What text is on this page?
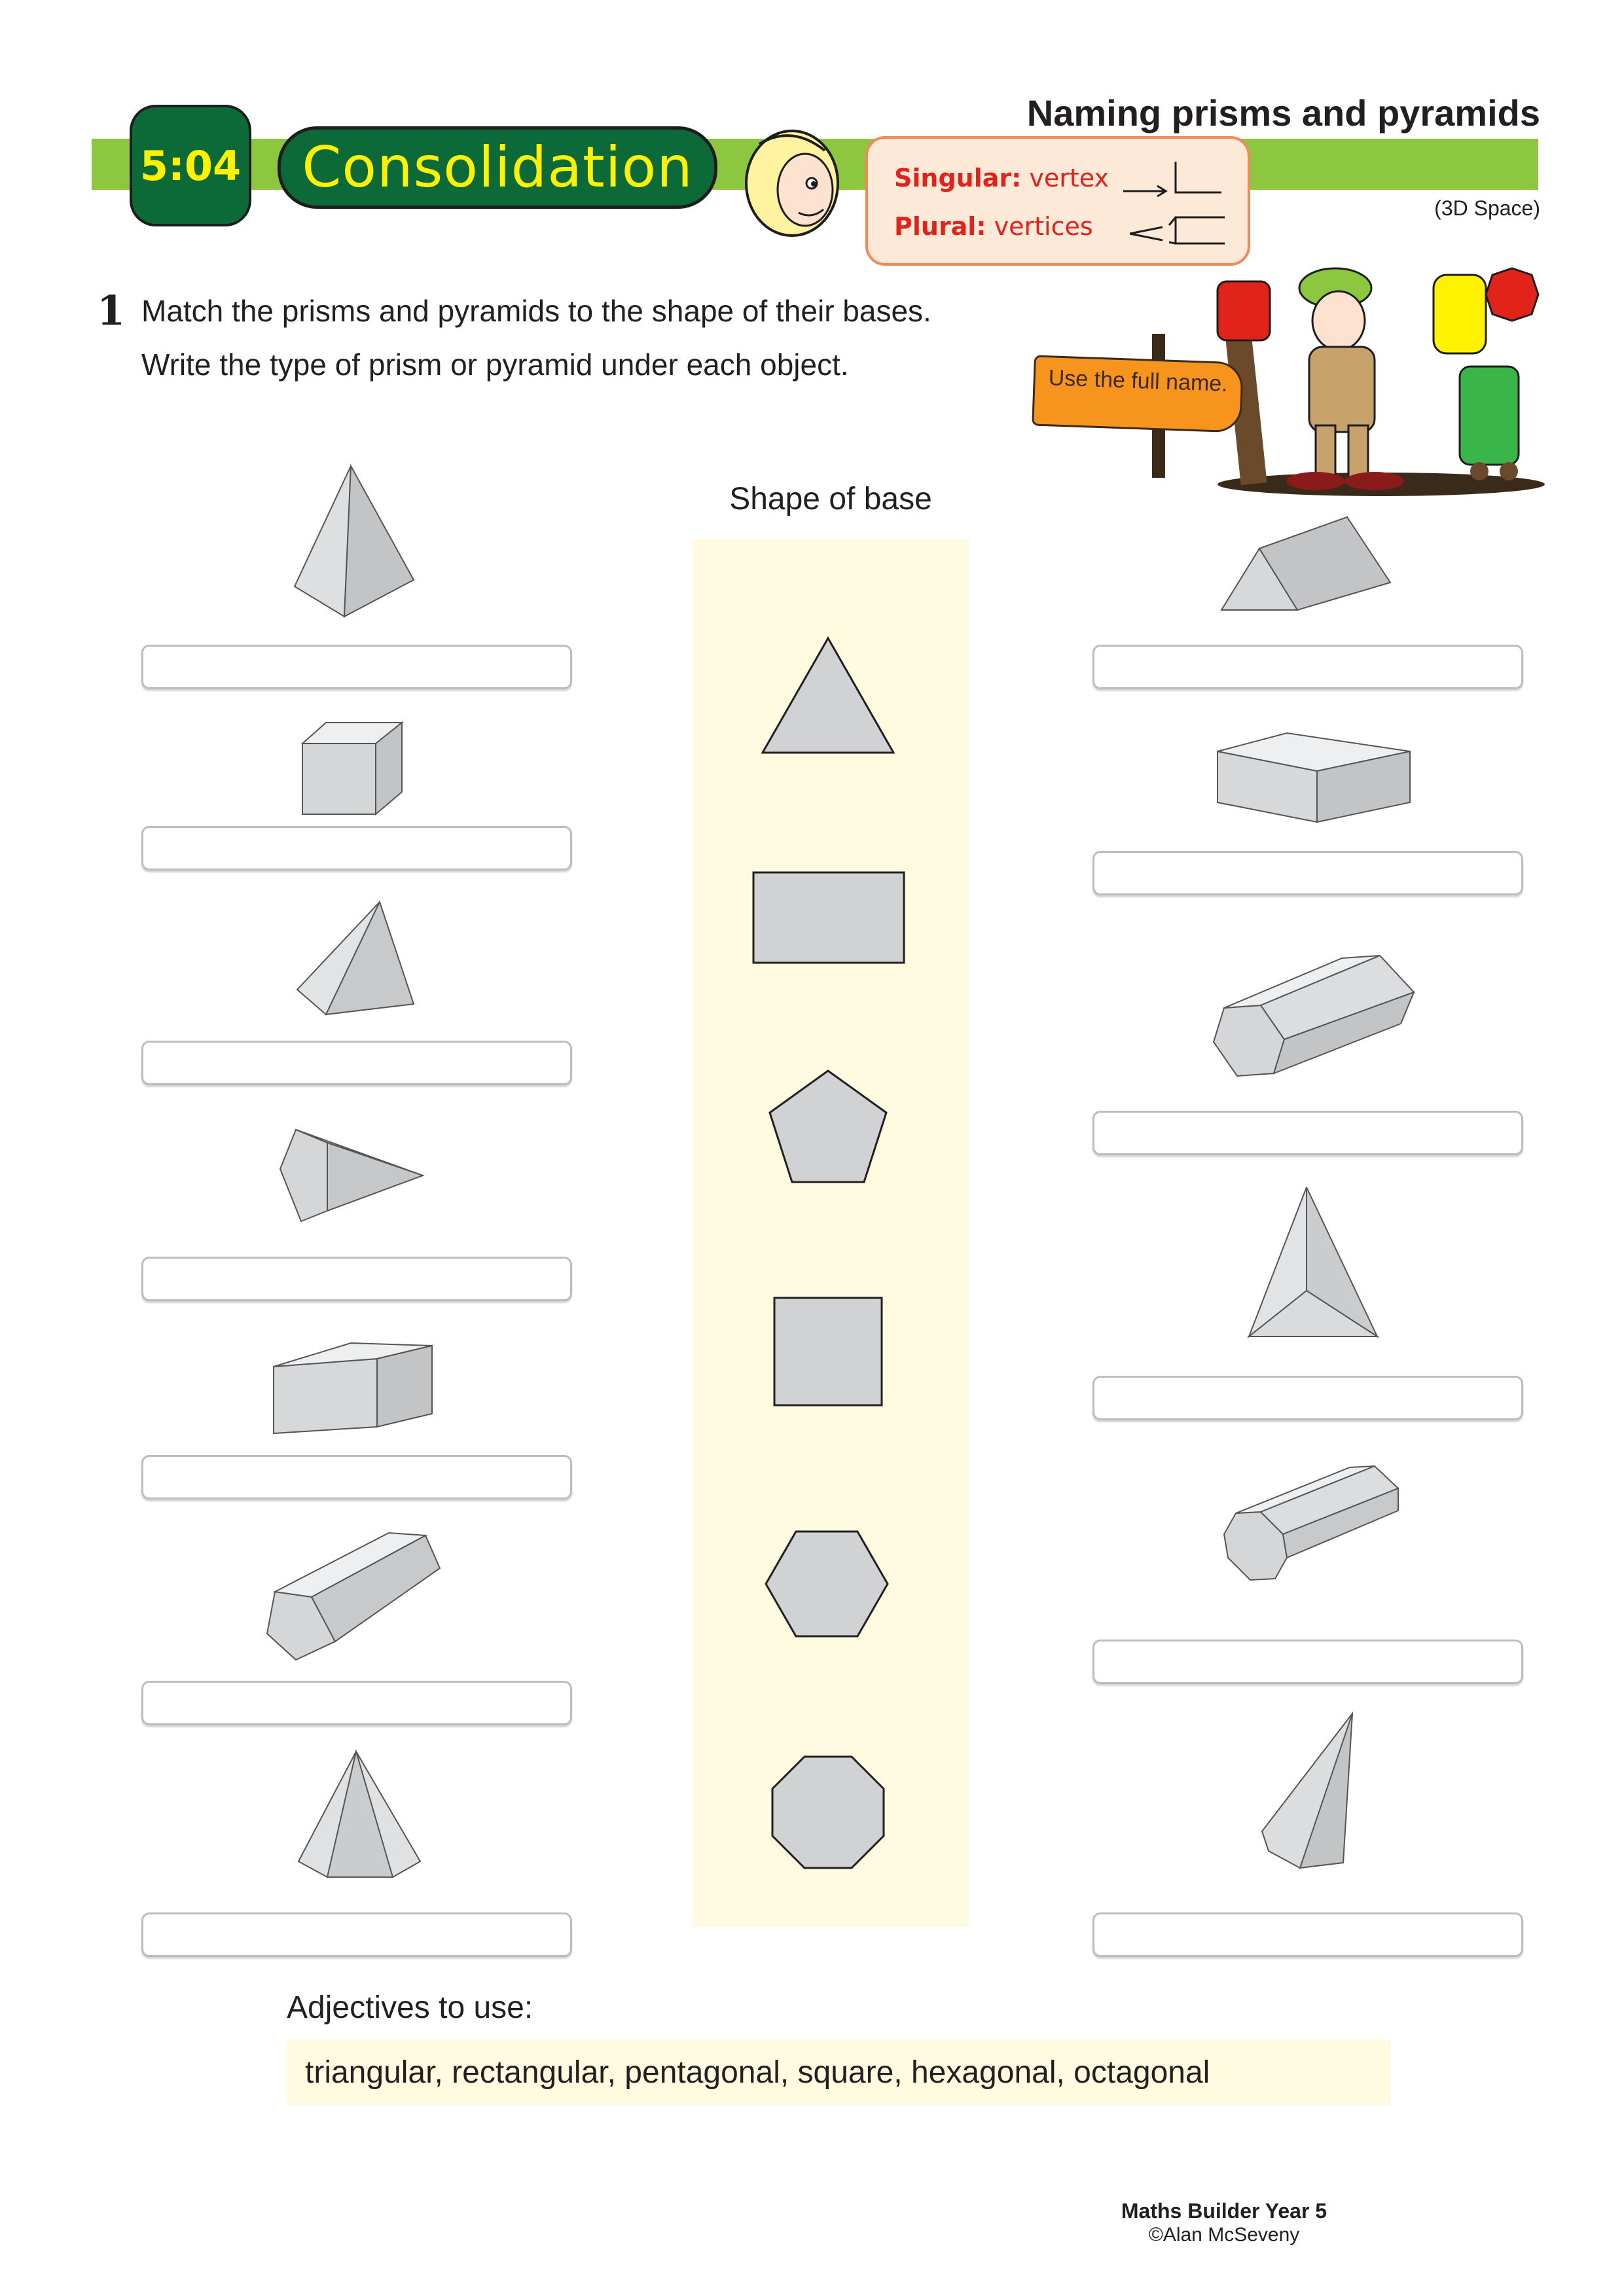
5:04	Consolidation
Naming prisms and pyramids
(3D Space)
Singular: vertex
Plural: vertices
1 Match the prisms and pyramids to the shape of their bases.
Write the type of prism or pyramid under each object.	Use the full name.
Shape of base
Adjectives to use:
triangular, rectangular, pentagonal, square, hexagonal, octagonal
Maths Builder Year 5
©Alan McSeveny
